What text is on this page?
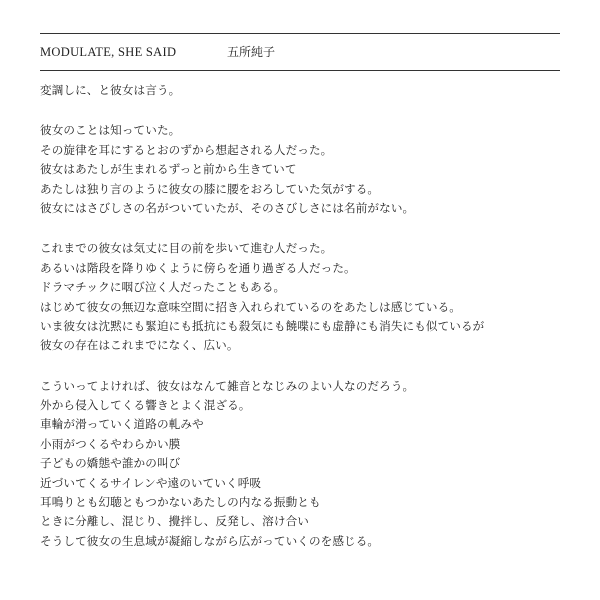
MODULATE, SHE SAID	五所純子
変調しに、と彼女は言う。
彼女のことは知っていた。
その旋律を耳にするとおのずから想起される人だった。
彼女はあたしが生まれるずっと前から生きていて
あたしは独り言のように彼女の膝に腰をおろしていた気がする。
彼女にはさびしさの名がついていたが、そのさびしさには名前がない。
これまでの彼女は気丈に目の前を歩いて進む人だった。
あるいは階段を降りゆくように傍らを通り過ぎる人だった。
ドラマチックに咽び泣く人だったこともある。
はじめて彼女の無辺な意味空間に招き入れられているのをあたしは感じている。
いま彼女は沈黙にも緊迫にも抵抗にも殺気にも饒喋にも虚静にも消失にも似ているが
彼女の存在はこれまでになく、広い。
こういってよければ、彼女はなんて雑音となじみのよい人なのだろう。
外から侵入してくる響きとよく混ざる。
車輪が滑っていく道路の軋みや
小雨がつくるやわらかい膜
子どもの嬌態や誰かの叫び
近づいてくるサイレンや遠のいていく呼吸
耳鳴りとも幻聴ともつかないあたしの内なる振動とも
ときに分離し、混じり、攪拌し、反発し、溶け合い
そうして彼女の生息域が凝縮しながら広がっていくのを感じる。
